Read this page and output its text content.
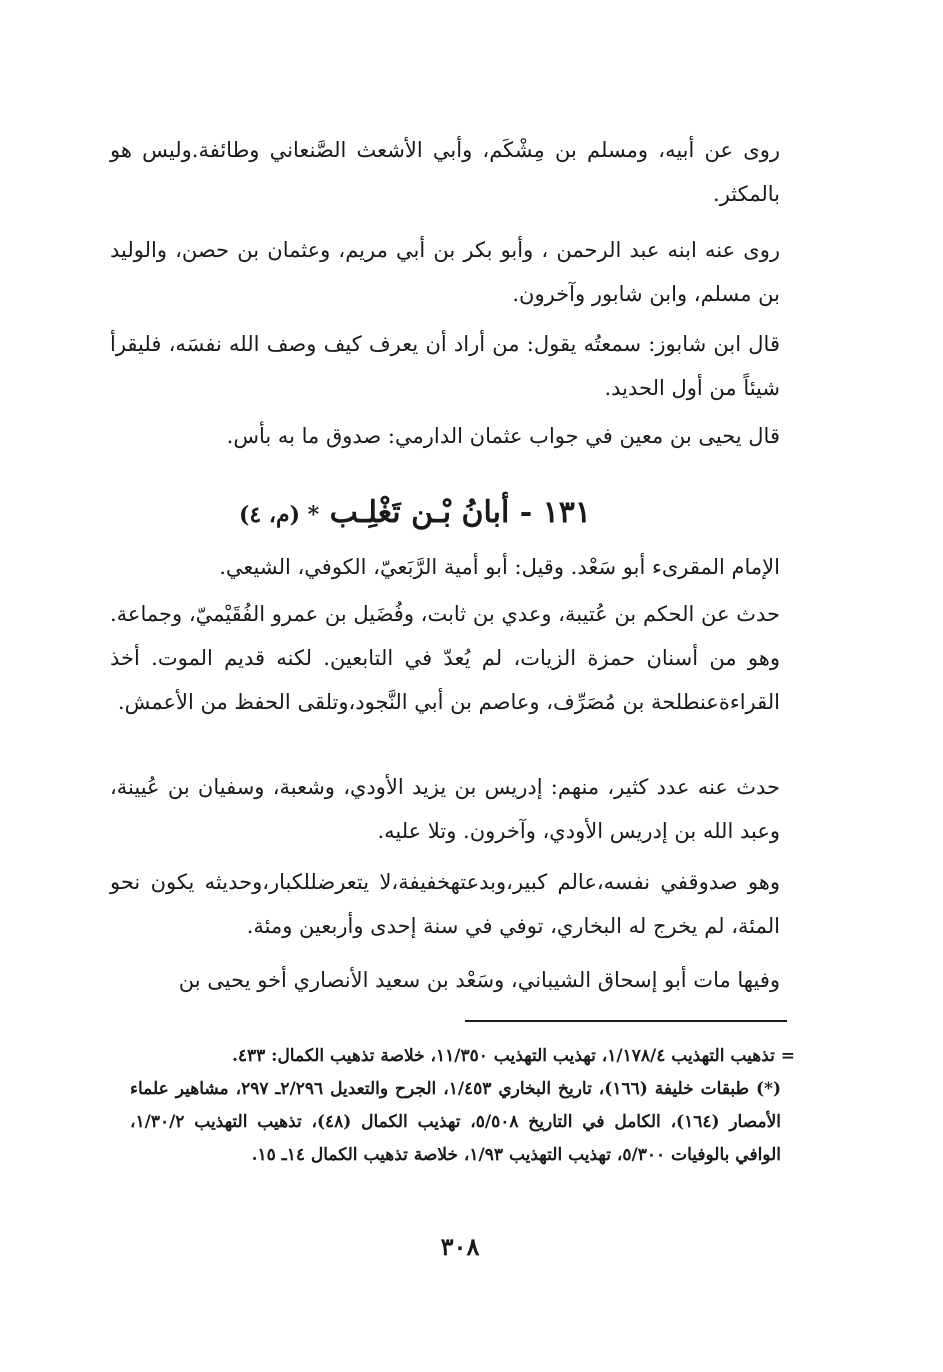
روى عن أبيه، ومسلم بن مِشْكَم، وأبي الأشعث الصَّنعاني وطائفة.وليس هو بالمكثر.
روى عنه ابنه عبد الرحمن ، وأبو بكر بن أبي مريم، وعثمان بن حصن، والوليد بن مسلم، وابن شابور وآخرون.
قال ابن شابوز: سمعتُه يقول: من أراد أن يعرف كيف وصف الله نفسَه، فليقرأ شيئاً من أول الحديد.
قال يحيى بن معين في جواب عثمان الدارمي: صدوق ما به بأس.
١٣١ - أبانُ بْـن تَغْلِـب * (م، ٤)
الإمام المقرىء أبو سَعْد. وقيل: أبو أمية الرَّبَعيّ، الكوفي، الشيعي.
حدث عن الحكم بن عُتيبة، وعدي بن ثابت، وفُضَيل بن عمرو الفُقَيْميّ، وجماعة. وهو من أسنان حمزة الزيات، لم يُعدّ في التابعين. لكنه قديم الموت. أخذ القراءةعنطلحة بن مُصَرِّف، وعاصم بن أبي النَّجود،وتلقى الحفظ من الأعمش.
حدث عنه عدد كثير، منهم: إدريس بن يزيد الأودي، وشعبة، وسفيان بن عُيينة، وعبد الله بن إدريس الأودي، وآخرون. وتلا عليه.
وهو صدوقفي نفسه،عالم كبير،وبدعتهخفيفة،لا يتعرضللكبار،وحديثه يكون نحو المئة، لم يخرج له البخاري، توفي في سنة إحدى وأربعين ومئة.
وفيها مات أبو إسحاق الشيباني، وسَعْد بن سعيد الأنصاري أخو يحيى بن

= تذهيب التهذيب ١/١٧٨/٤، تهذيب التهذيب ١١/٣٥٠، خلاصة تذهيب الكمال: ٤٣٣.

(*) طبقات خليفة (١٦٦)، تاريخ البخاري ١/٤٥٣، الجرح والتعديل ٢/٢٩٦ـ ٢٩٧، مشاهير علماء الأمصار (١٦٤)، الكامل في التاريخ ٥/٥٠٨، تهذيب الكمال (٤٨)، تذهيب التهذيب ١/٣٠/٢، الوافي بالوفيات ٥/٣٠٠، تهذيب التهذيب ١/٩٣، خلاصة تذهيب الكمال ١٤ـ ١٥.

٣٠٨
